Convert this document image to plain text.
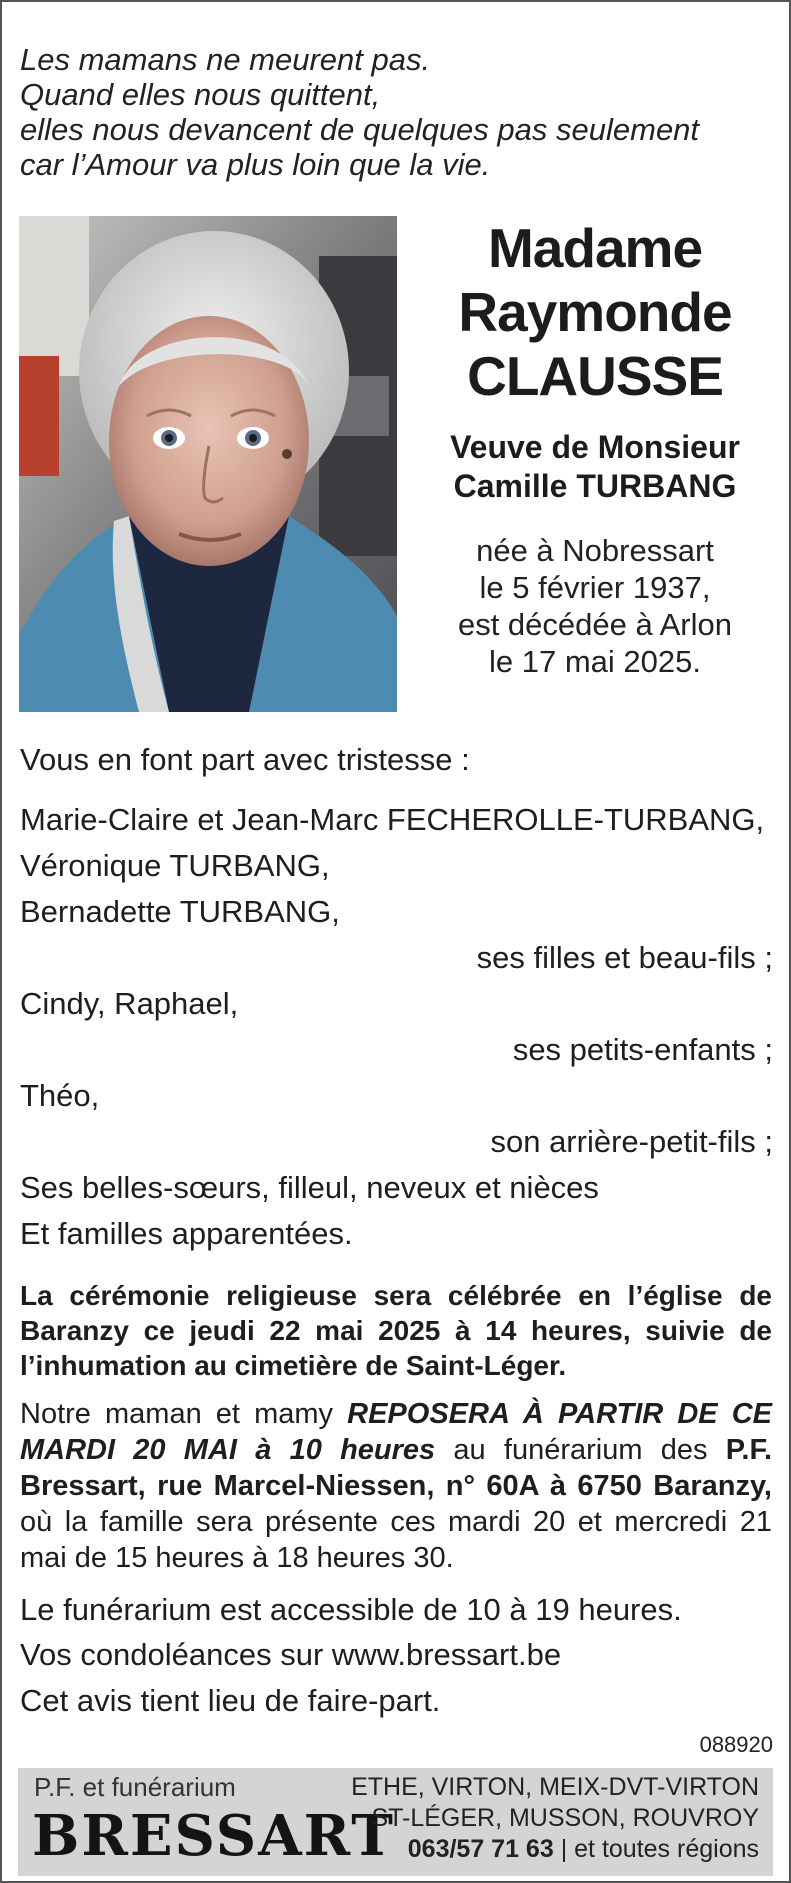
Les mamans ne meurent pas.
Quand elles nous quittent,
elles nous devancent de quelques pas seulement
car l’Amour va plus loin que la vie.
Madame
Raymonde
CLAUSSE
Veuve de Monsieur
Camille TURBANG
née à Nobressart
le 5 février 1937,
est décédée à Arlon
le 17 mai 2025.
Vous en font part avec tristesse :
Marie-Claire et Jean-Marc FECHEROLLE-TURBANG,
Véronique TURBANG,
Bernadette TURBANG,
ses filles et beau-fils ;
Cindy, Raphael,
ses petits-enfants ;
Théo,
son arrière-petit-fils ;
Ses belles-sœurs, filleul, neveux et nièces
Et familles apparentées.
La cérémonie religieuse sera célébrée en l’église de Baranzy ce jeudi 22 mai 2025 à 14 heures, suivie de l’inhumation au cimetière de Saint-Léger.
Notre maman et mamy REPOSERA À PARTIR DE CE MARDI 20 MAI à 10 heures au funérarium des P.F. Bressart, rue Marcel-Niessen, n° 60A à 6750 Baranzy, où la famille sera présente ces mardi 20 et mercredi 21 mai de 15 heures à 18 heures 30.
Le funérarium est accessible de 10 à 19 heures.
Vos condoléances sur www.bressart.be
Cet avis tient lieu de faire-part.
088920
P.F. et funérarium
BRESSART
ETHE, VIRTON, MEIX-DVT-VIRTON
ST-LÉGER, MUSSON, ROUVROY
063/57 71 63 | et toutes régions
